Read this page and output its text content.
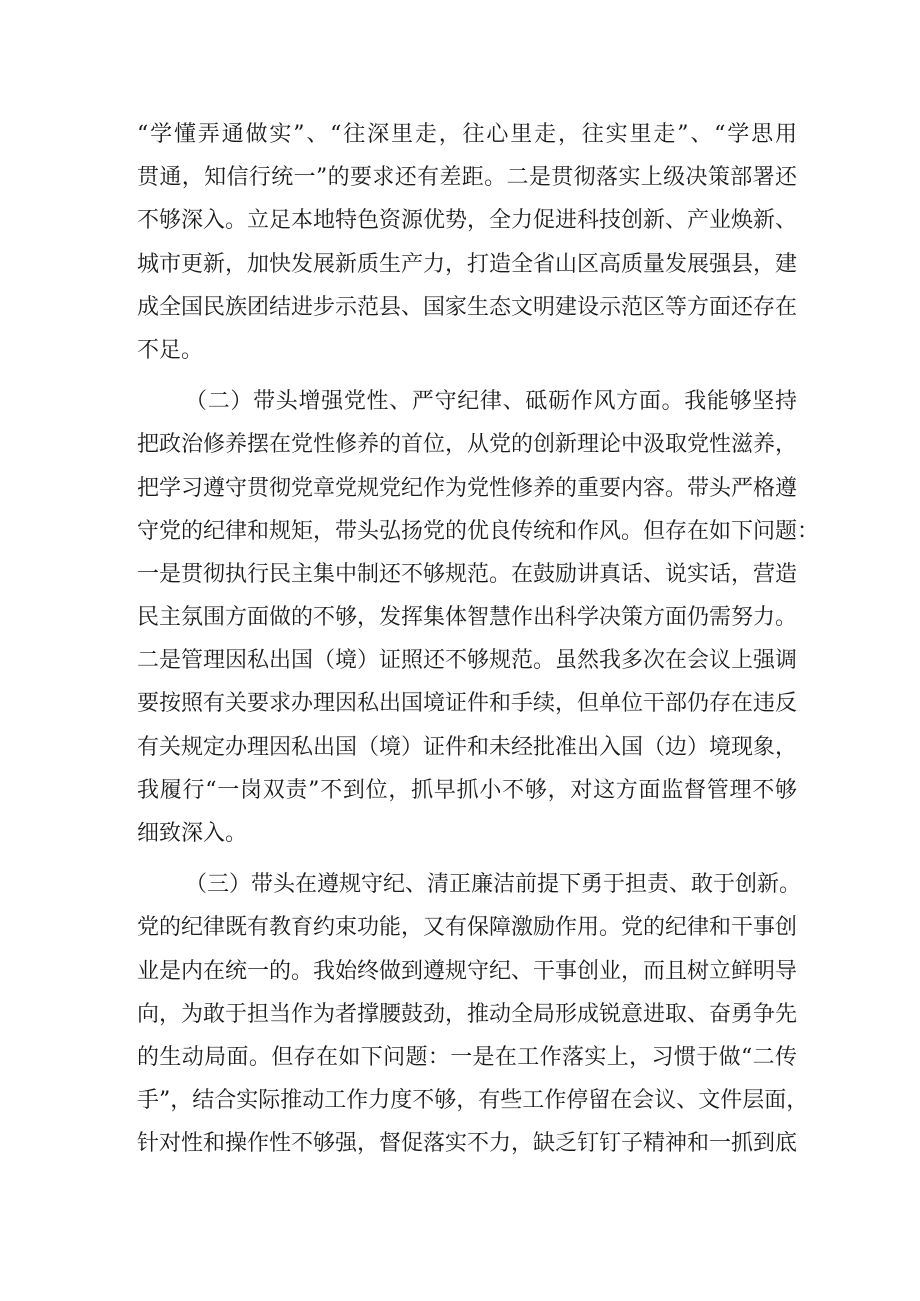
“学懂弄通做实”、“往深里走，往心里走，往实里走”、“学思用
贯通，知信行统一”的要求还有差距。二是贯彻落实上级决策部署还
不够深入。立足本地特色资源优势，全力促进科技创新、产业焕新、
城市更新，加快发展新质生产力，打造全省山区高质量发展强县，建
成全国民族团结进步示范县、国家生态文明建设示范区等方面还存在
不足。
（二）带头增强党性、严守纪律、砥砺作风方面。我能够坚持
把政治修养摆在党性修养的首位，从党的创新理论中汲取党性滋养，
把学习遵守贯彻党章党规党纪作为党性修养的重要内容。带头严格遵
守党的纪律和规矩，带头弘扬党的优良传统和作风。但存在如下问题：
一是贯彻执行民主集中制还不够规范。在鼓励讲真话、说实话，营造
民主氛围方面做的不够，发挥集体智慧作出科学决策方面仍需努力。
二是管理因私出国（境）证照还不够规范。虽然我多次在会议上强调
要按照有关要求办理因私出国境证件和手续，但单位干部仍存在违反
有关规定办理因私出国（境）证件和未经批准出入国（边）境现象，
我履行“一岗双责”不到位，抓早抓小不够，对这方面监督管理不够
细致深入。
（三）带头在遵规守纪、清正廉洁前提下勇于担责、敢于创新。
党的纪律既有教育约束功能，又有保障激励作用。党的纪律和干事创
业是内在统一的。我始终做到遵规守纪、干事创业，而且树立鲜明导
向，为敢于担当作为者撑腰鼓劲，推动全局形成锐意进取、奋勇争先
的生动局面。但存在如下问题：一是在工作落实上，习惯于做“二传
手”，结合实际推动工作力度不够，有些工作停留在会议、文件层面，
针对性和操作性不够强，督促落实不力，缺乏钉钉子精神和一抓到底
